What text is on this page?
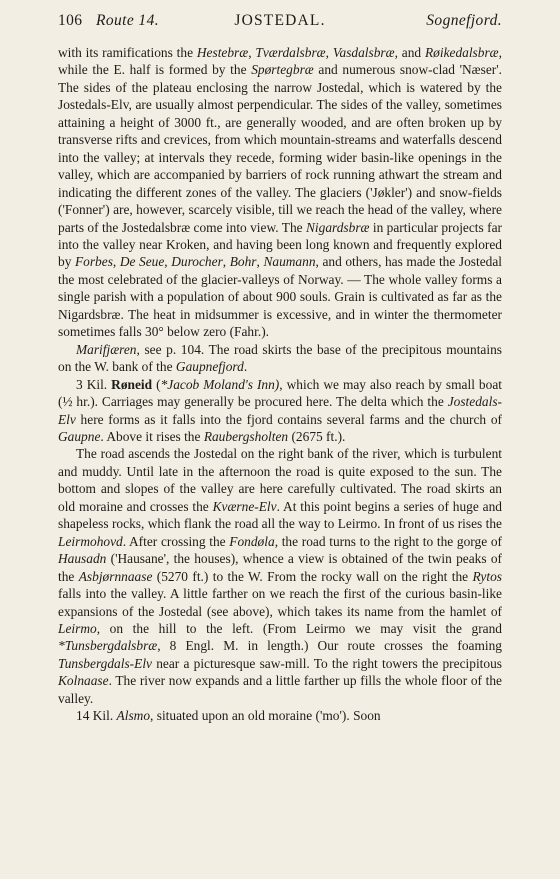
106 Route 14.	JOSTEDAL.	Sognefjord.

with its ramifications the Hestebræ, Tværdalsbræ, Vasdalsbræ, and Røikedalsbræ, while the E. half is formed by the Spørtegbræ and numerous snow-clad 'Næser'. The sides of the plateau enclosing the narrow Jostedal, which is watered by the Jostedals-Elv, are usually almost perpendicular. The sides of the valley, sometimes attaining a height of 3000 ft., are generally wooded, and are often broken up by transverse rifts and crevices, from which mountain-streams and waterfalls descend into the valley; at intervals they recede, forming wider basin-like openings in the valley, which are accompanied by barriers of rock running athwart the stream and indicating the different zones of the valley. The glaciers ('Jøkler') and snow-fields ('Fonner') are, however, scarcely visible, till we reach the head of the valley, where parts of the Jostedalsbræ come into view. The Nigardsbræ in particular projects far into the valley near Kroken, and having been long known and frequently explored by Forbes, De Seue, Durocher, Bohr, Naumann, and others, has made the Jostedal the most celebrated of the glacier-valleys of Norway. — The whole valley forms a single parish with a population of about 900 souls. Grain is cultivated as far as the Nigardsbræ. The heat in midsummer is excessive, and in winter the thermometer sometimes falls 30° below zero (Fahr.).

Marifjæren, see p. 104. The road skirts the base of the precipitous mountains on the W. bank of the Gaupnefjord.

3 Kil. Røneid (*Jacob Moland's Inn), which we may also reach by small boat (½ hr.). Carriages may generally be procured here. The delta which the Jostedals-Elv here forms as it falls into the fjord contains several farms and the church of Gaupne. Above it rises the Raubergsholten (2675 ft.).

The road ascends the Jostedal on the right bank of the river, which is turbulent and muddy. Until late in the afternoon the road is quite exposed to the sun. The bottom and slopes of the valley are here carefully cultivated. The road skirts an old moraine and crosses the Kværne-Elv. At this point begins a series of huge and shapeless rocks, which flank the road all the way to Leirmo. In front of us rises the Leirmohovd. After crossing the Fondøla, the road turns to the right to the gorge of Hausadn ('Hausane', the houses), whence a view is obtained of the twin peaks of the Asbjørnnaase (5270 ft.) to the W. From the rocky wall on the right the Rytos falls into the valley. A little farther on we reach the first of the curious basin-like expansions of the Jostedal (see above), which takes its name from the hamlet of Leirmo, on the hill to the left. (From Leirmo we may visit the grand *Tunsbergdalsbræ, 8 Engl. M. in length.) Our route crosses the foaming Tunsbergdals-Elv near a picturesque saw-mill. To the right towers the precipitous Kolnaase. The river now expands and a little farther up fills the whole floor of the valley.

14 Kil. Alsmo, situated upon an old moraine ('mo'). Soon
